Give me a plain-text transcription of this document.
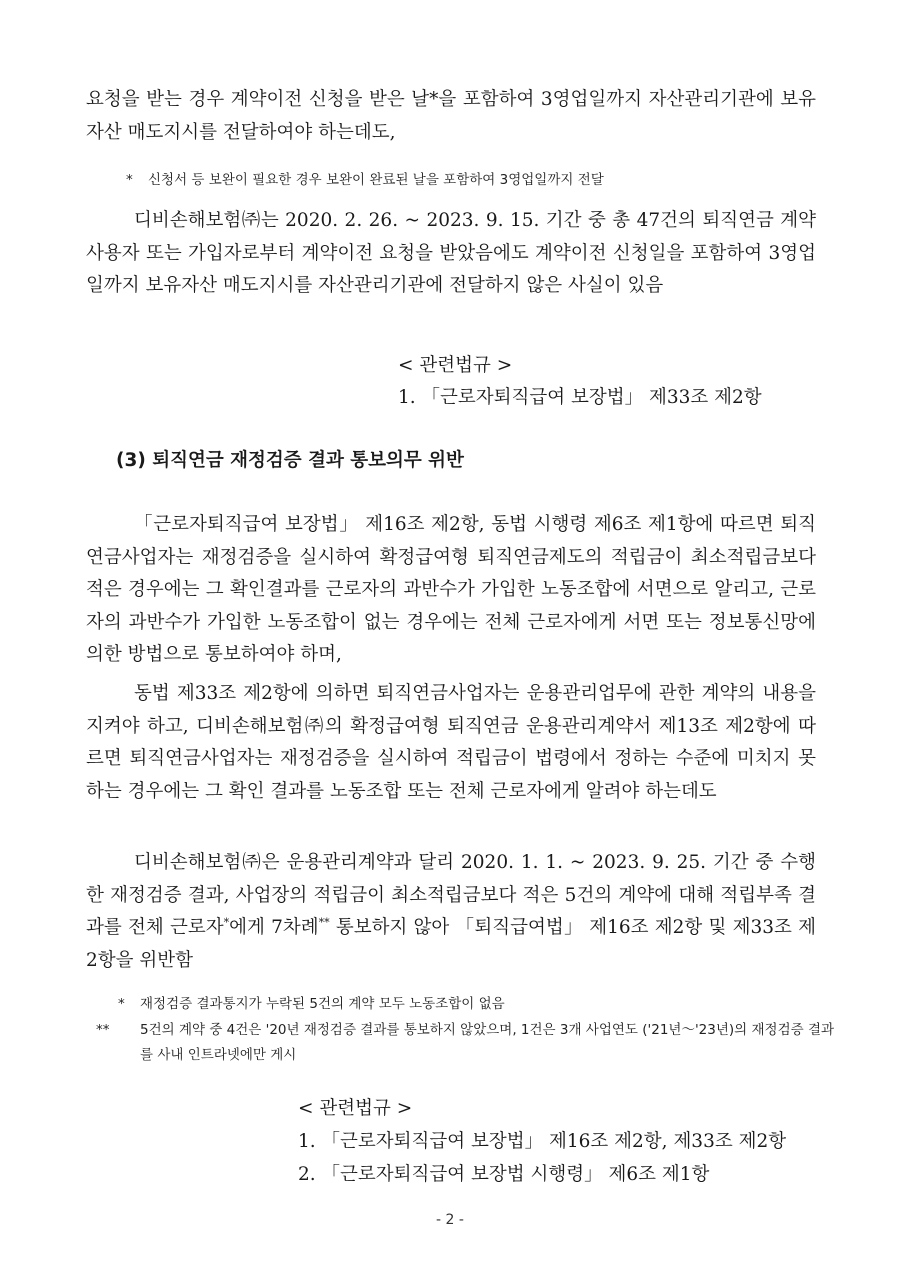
요청을 받는 경우 계약이전 신청을 받은 날*을 포함하여 3영업일까지 자산관리기관에 보유자산 매도지시를 전달하여야 하는데도,

* 신청서 등 보완이 필요한 경우 보완이 완료된 날을 포함하여 3영업일까지 전달

디비손해보험㈜는 2020. 2. 26. ~ 2023. 9. 15. 기간 중 총 47건의 퇴직연금 계약 사용자 또는 가입자로부터 계약이전 요청을 받았음에도 계약이전 신청일을 포함하여 3영업일까지 보유자산 매도지시를 자산관리기관에 전달하지 않은 사실이 있음

< 관련법규 >

1. 「근로자퇴직급여 보장법」 제33조 제2항

(3) 퇴직연금 재정검증 결과 통보의무 위반

「근로자퇴직급여 보장법」 제16조 제2항, 동법 시행령 제6조 제1항에 따르면 퇴직연금사업자는 재정검증을 실시하여 확정급여형 퇴직연금제도의 적립금이 최소적립금보다 적은 경우에는 그 확인결과를 근로자의 과반수가 가입한 노동조합에 서면으로 알리고, 근로자의 과반수가 가입한 노동조합이 없는 경우에는 전체 근로자에게 서면 또는 정보통신망에 의한 방법으로 통보하여야 하며,

동법 제33조 제2항에 의하면 퇴직연금사업자는 운용관리업무에 관한 계약의 내용을 지켜야 하고, 디비손해보험㈜의 확정급여형 퇴직연금 운용관리계약서 제13조 제2항에 따르면 퇴직연금사업자는 재정검증을 실시하여 적립금이 법령에서 정하는 수준에 미치지 못하는 경우에는 그 확인 결과를 노동조합 또는 전체 근로자에게 알려야 하는데도

디비손해보험㈜은 운용관리계약과 달리 2020. 1. 1. ~ 2023. 9. 25. 기간 중 수행한 재정검증 결과, 사업장의 적립금이 최소적립금보다 적은 5건의 계약에 대해 적립부족 결과를 전체 근로자*에게 7차례** 통보하지 않아 「퇴직급여법」 제16조 제2항 및 제33조 제2항을 위반함

* 재정검증 결과통지가 누락된 5건의 계약 모두 노동조합이 없음

** 5건의 계약 중 4건은 '20년 재정검증 결과를 통보하지 않았으며, 1건은 3개 사업연도 ('21년～'23년)의 재정검증 결과를 사내 인트라넷에만 게시

< 관련법규 >

1. 「근로자퇴직급여 보장법」 제16조 제2항, 제33조 제2항

2. 「근로자퇴직급여 보장법 시행령」 제6조 제1항

- 2 -
